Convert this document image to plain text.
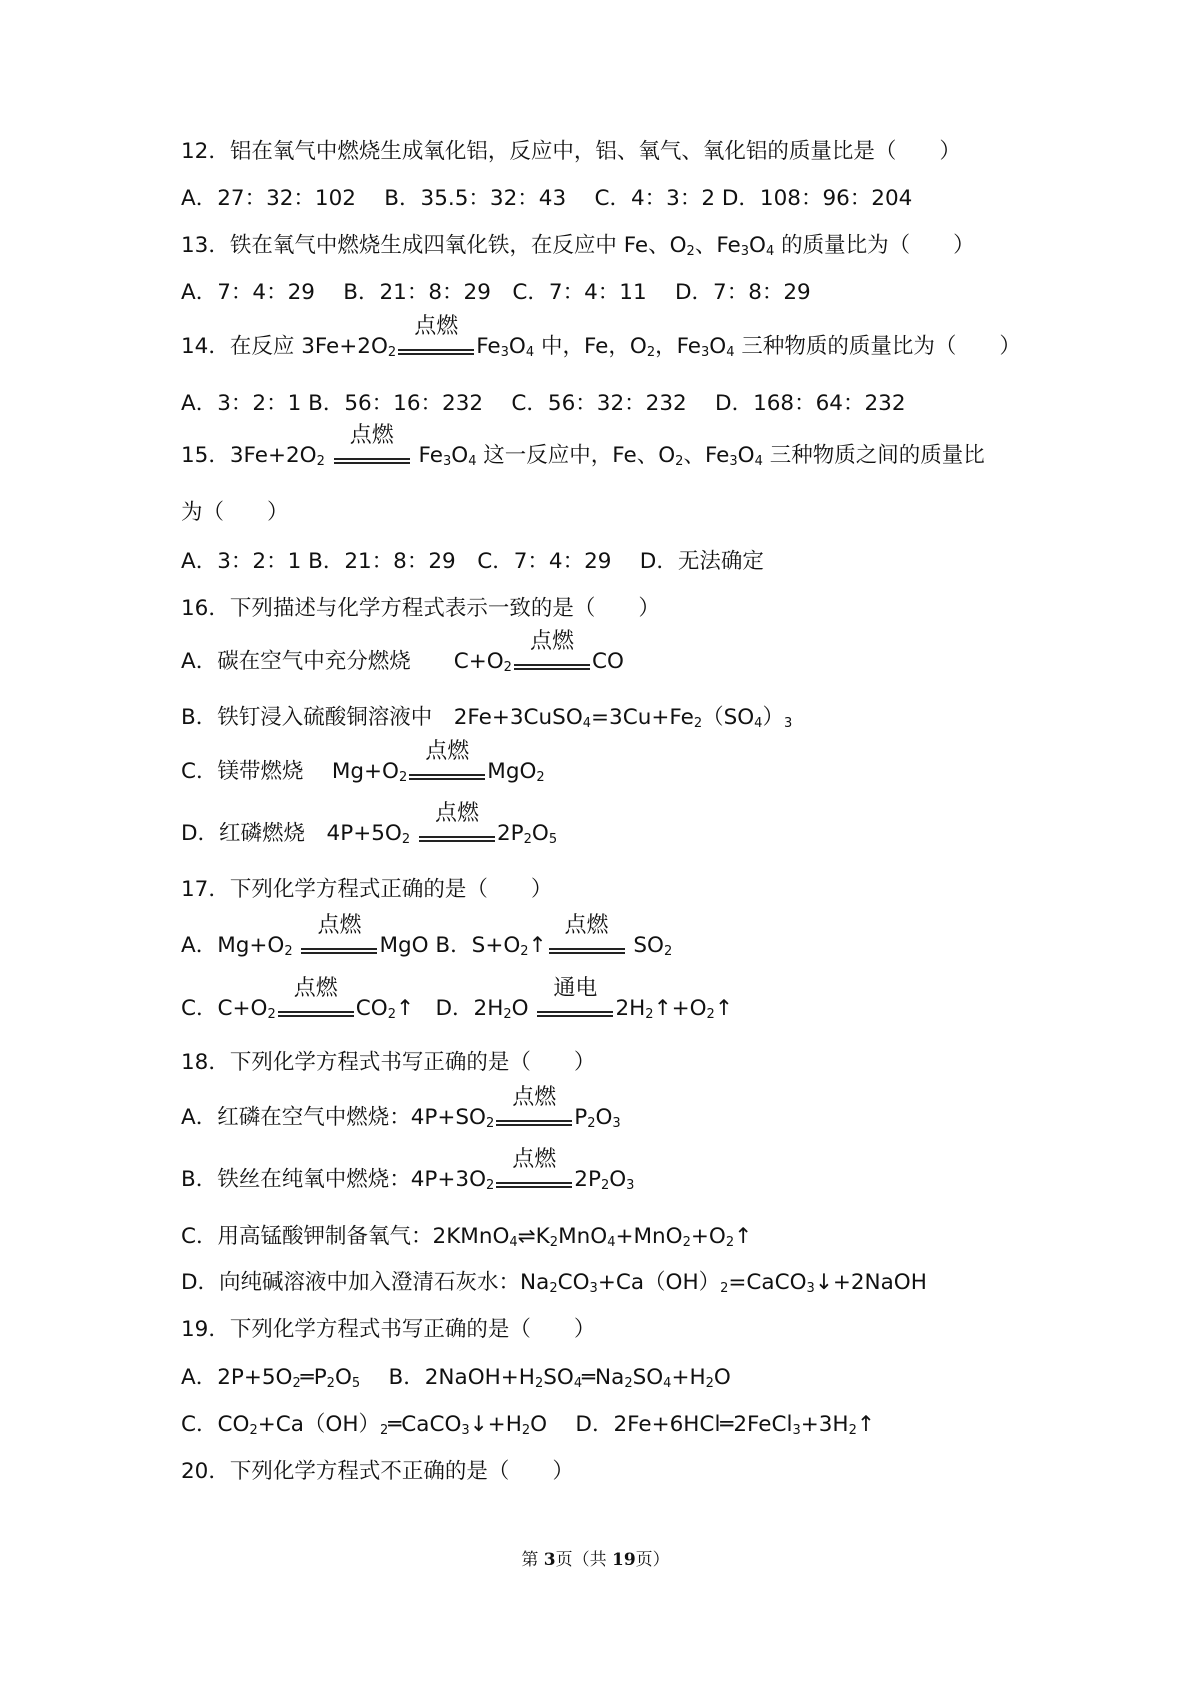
12．铝在氧气中燃烧生成氧化铝，反应中，铝、氧气、氧化铝的质量比是（　　）
A．27：32：102　 B．35.5：32：43　 C．4：3：2 D．108：96：204
13．铁在氧气中燃烧生成四氧化铁，在反应中 Fe、$O_2$、$Fe_3O_4$ 的质量比为（　　）
A．7：4：29　 B．21：8：29　C．7：4：11　 D．7：8：29
14．在反应 $3Fe+2O_2$
点燃
$Fe_3O_4$ 中，Fe，$O_2$，$Fe_3O_4$ 三种物质的质量比为（　　）
A．3：2：1 B．56：16：232　 C．56：32：232　 D．168：64：232
15．$3Fe+2O_2$
点燃
$Fe_3O_4$ 这一反应中，Fe、$O_2$、$Fe_3O_4$ 三种物质之间的质量比
为（　　）
A．3：2：1 B．21：8：29　C．7：4：29　 D．无法确定
16．下列描述与化学方程式表示一致的是（　　）
A．碳在空气中充分燃烧　　$C+O_2$
点燃
CO
B．铁钉浸入硫酸铜溶液中　$2Fe+3CuSO_4=3Cu+Fe_2(SO_4)_3$
C．镁带燃烧　 $Mg+O_2$
点燃
MgO$_2$
D．红磷燃烧　$4P+5O_2$
点燃
$2P_2O_5$
17．下列化学方程式正确的是（　　）
A．$Mg+O_2$
点燃
MgO B．$S+O_2↑$
点燃
$SO_2$
C．$C+O_2$
点燃
$CO_2↑$　D．$2H_2O$
通电
$2H_2↑+O_2↑$
18．下列化学方程式书写正确的是（　　）
A．红磷在空气中燃烧：$4P+SO_2$
点燃
$P_2O_3$
B．铁丝在纯氧中燃烧：$4P+3O_2$
点燃
$2P_2O_3$
C．用高锰酸钾制备氧气：$2KMnO_4\rightleftharpoons K_2MnO_4+MnO_2+O_2↑$
D．向纯碱溶液中加入澄清石灰水：$Na_2CO_3+Ca(OH)_2=CaCO_3↓+2NaOH$
19．下列化学方程式书写正确的是（　　）
A．$2P+5O_2═P_2O_5$　 B．$2NaOH+H_2SO_4═Na_2SO_4+H_2O$
C．$CO_2+Ca(OH)_2═CaCO_3↓+H_2O$　 D．$2Fe+6HCl═2FeCl_3+3H_2↑$
20．下列化学方程式不正确的是（　　）
第 3页（共 19页）
